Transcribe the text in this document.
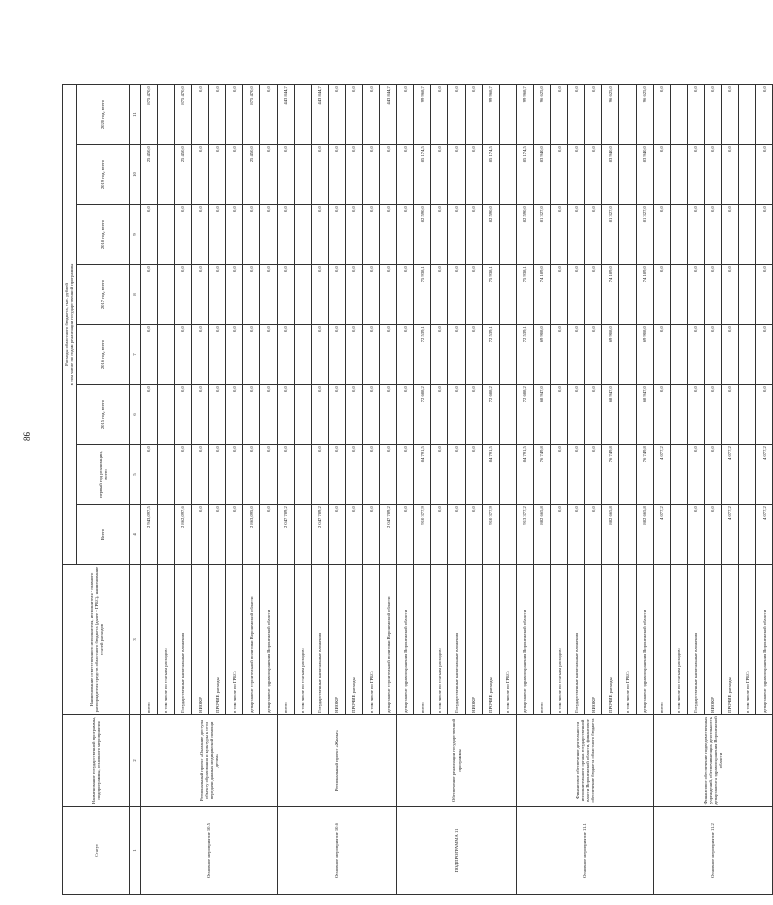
86
Статус	Наименование государственной программы, подпрограммы, основного мероприятия	Наименование ответственного исполнителя, исполнителя - главного распорядителя средств областного бюджета (далее - ГРБС), наименование статей расходов	Расходы областного бюджета, тыс. рублей в том числе по годам реализации государственной программы							

			Всего	первый год реализации, всего	2015 год, всего	2016 год, всего	2017 год, всего	2018 год, всего	2019 год, всего	2020 год, всего
1	2	3	4	5	6	7	8	9	10	11
Основное мероприятие 10.5	Региональный проект «Оказание доступа объекту образования и культуры к сети передачи данных медицинской помощи детям»	всего	2 943,097,5	0,0	0,0	0,0	0,0	0,0	25 450,0	875 470,0
		в том числе по статьям расходов:								
		Государственные капитальные вложения	2 862,097,6	0,0	0,0	0,0	0,0	0,0	25 450,0	875 470,0
		НИОКР	0,0	0,0	0,0	0,0	0,0	0,0	0,0	0,0
		ПРОЧИЕ расходы	0,0	0,0	0,0	0,0	0,0	0,0	0,0	0,0
		в том числе по ГРБС:	0,0	0,0	0,0	0,0	0,0	0,0	0,0	0,0
		департамент строительной политики Воронежской области	2 863,095,0	0,0	0,0	0,0	0,0	0,0	25 450,0	875 470,0
		департамент здравоохранения Воронежской области	0,0	0,0	0,0	0,0	0,0	0,0	0,0	0,0
Основное мероприятие 10.6	Региональный проект «Жилье»	всего	2 047 789,2	0,0	0,0	0,0	0,0	0,0	0,0	443 844,7
		в том числе по статьям расходов:								
		Государственные капитальные вложения	2 047 789,2	0,0	0,0	0,0	0,0	0,0	0,0	443 844,7
		НИОКР	0,0	0,0	0,0	0,0	0,0	0,0	0,0	0,0
		ПРОЧИЕ расходы	0,0	0,0	0,0	0,0	0,0	0,0	0,0	0,0
		в том числе по ГРБС:	0,0	0,0	0,0	0,0	0,0	0,0	0,0	0,0
		департамент строительной политики Воронежской области	2 047 789,2	0,0	0,0	0,0	0,0	0,0	0,0	443 844,7
ПОДПРОГРАММА 11	Обеспечение реализации государственной программы	департамент здравоохранения Воронежской области	0,0	0,0	0,0	0,0	0,0	0,0	0,0	0,0
		всего	910 377,9	84 791,5	72 688,2	72 539,1	75 938,1	82 590,0	85 174,5	99 968,7
		в том числе по статьям расходов:	0,0	0,0	0,0	0,0	0,0	0,0	0,0	0,0
		Государственные капитальные вложения	0,0	0,0	0,0	0,0	0,0	0,0	0,0	0,0
		НИОКР	0,0	0,0	0,0	0,0	0,0	0,0	0,0	0,0
		ПРОЧИЕ расходы	910 377,9	84 791,5	72 688,2	72 539,1	75 938,1	82 590,0	85 174,5	99 968,7
		в том числе по ГРБС:								
Основное мероприятие 11.1	Финансовое обеспечение деятельности исполнительного органа государственной власти Воронежской области, финансовое обеспечение бюджета областного бюджета	департамент здравоохранения Воронежской области	913 377,2	84 791,5	72 688,2	72 539,1	75 938,1	82 590,0	85 174,5	99 968,7
		всего	882 665,8	76 749,8	68 947,0	69 908,0	74 189,0	81 327,0	83 940,0	96 625,0
		в том числе по статьям расходов:	0,0	0,0	0,0	0,0	0,0	0,0	0,0	0,0
		Государственные капитальные вложения	0,0	0,0	0,0	0,0	0,0	0,0	0,0	0,0
		НИОКР	0,0	0,0	0,0	0,0	0,0	0,0	0,0	0,0
		ПРОЧИЕ расходы	882 665,8	76 749,8	68 947,0	69 908,0	74 189,0	81 327,0	83 940,0	96 625,0
		в том числе по ГРБС:								
		департамент здравоохранения Воронежской области	882 665,8	76 749,8	68 947,0	69 908,0	74 189,0	81 327,0	83 940,0	96 625,0
Основное мероприятие 11.2	Финансовое обеспечение подведомственных учреждений, обеспечивающих деятельность департамента здравоохранения Воронежской области	всего	4 077,2	4 077,2	0,0	0,0	0,0	0,0	0,0	0,0
		в том числе по статьям расходов:								
		Государственные капитальные вложения	0,0	0,0	0,0	0,0	0,0	0,0	0,0	0,0
		НИОКР	0,0	0,0	0,0	0,0	0,0	0,0	0,0	0,0
		ПРОЧИЕ расходы	4 077,2	4 077,2	0,0	0,0	0,0	0,0	0,0	0,0
		в том числе по ГРБС:								
		департамент здравоохранения Воронежской области	4 077,2	4 077,2	0,0	0,0	0,0	0,0	0,0	0,0
